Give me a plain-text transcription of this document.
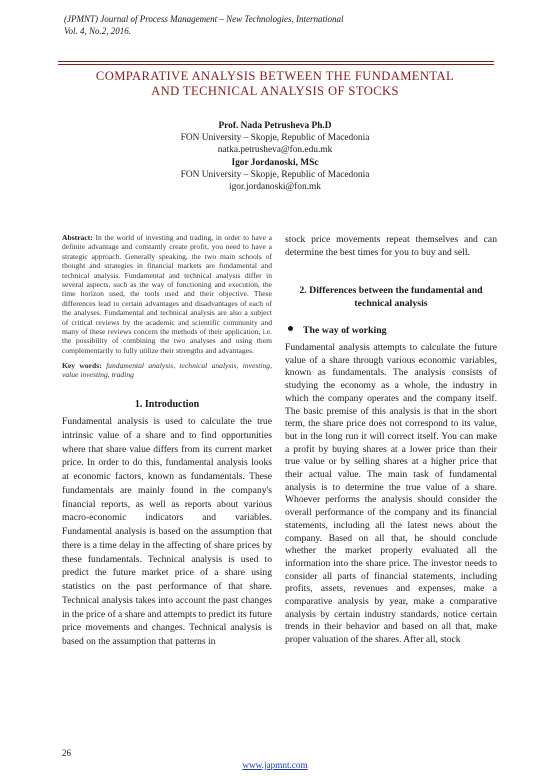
(JPMNT) Journal of Process Management – New Technologies, International
Vol. 4, No.2, 2016.
COMPARATIVE ANALYSIS BETWEEN THE FUNDAMENTAL
AND TECHNICAL ANALYSIS OF STOCKS
Prof. Nada Petrusheva Ph.D
FON University – Skopje, Republic of Macedonia
natka.petrusheva@fon.edu.mk
Igor Jordanoski, MSc
FON University – Skopje, Republic of Macedonia
igor.jordanoski@fon.mk
Abstract: In the world of investing and trading, in order to have a definite advantage and constantly create profit, you need to have a strategic approach. Generally speaking, the two main schools of thought and strategies in financial markets are fundamental and technical analysis. Fundamental and technical analysis differ in several aspects, such as the way of functioning and execution, the time horizon used, the tools used and their objective. These differences lead to certain advantages and disadvantages of each of the analyses. Fundamental and technical analysis are also a subject of critical reviews by the academic and scientific community and many of these reviews concern the methods of their application, i.e. the possibility of combining the two analyses and using them complementarily to fully utilize their strengths and advantages.
Key words: fundamental analysis, technical analysis, investing, value investing, trading
1. Introduction
Fundamental analysis is used to calculate the true intrinsic value of a share and to find opportunities where that share value differs from its current market price. In order to do this, fundamental analysis looks at economic factors, known as fundamentals. These fundamentals are mainly found in the company's financial reports, as well as reports about various macro-economic indicators and variables. Fundamental analysis is based on the assumption that there is a time delay in the affecting of share prices by these fundamentals. Technical analysis is used to predict the future market price of a share using statistics on the past performance of that share. Technical analysis takes into account the past changes in the price of a share and attempts to predict its future price movements and changes. Technical analysis is based on the assumption that patterns in
stock price movements repeat themselves and can determine the best times for you to buy and sell.
2. Differences between the fundamental and technical analysis
The way of working
Fundamental analysis attempts to calculate the future value of a share through various economic variables, known as fundamentals. The analysis consists of studying the economy as a whole, the industry in which the company operates and the company itself. The basic premise of this analysis is that in the short term, the share price does not correspond to its value, but in the long run it will correct itself. You can make a profit by buying shares at a lower price than their true value or by selling shares at a higher price that their actual value. The main task of fundamental analysis is to determine the true value of a share. Whoever performs the analysis should consider the overall performance of the company and its financial statements, including all the latest news about the company. Based on all that, he should conclude whether the market properly evaluated all the information into the share price. The investor needs to consider all parts of financial statements, including profits, assets, revenues and expenses, make a comparative analysis by year, make a comparative analysis by certain industry standards, notice certain trends in their behavior and based on all that, make proper valuation of the shares. After all, stock
26
www.japmnt.com
